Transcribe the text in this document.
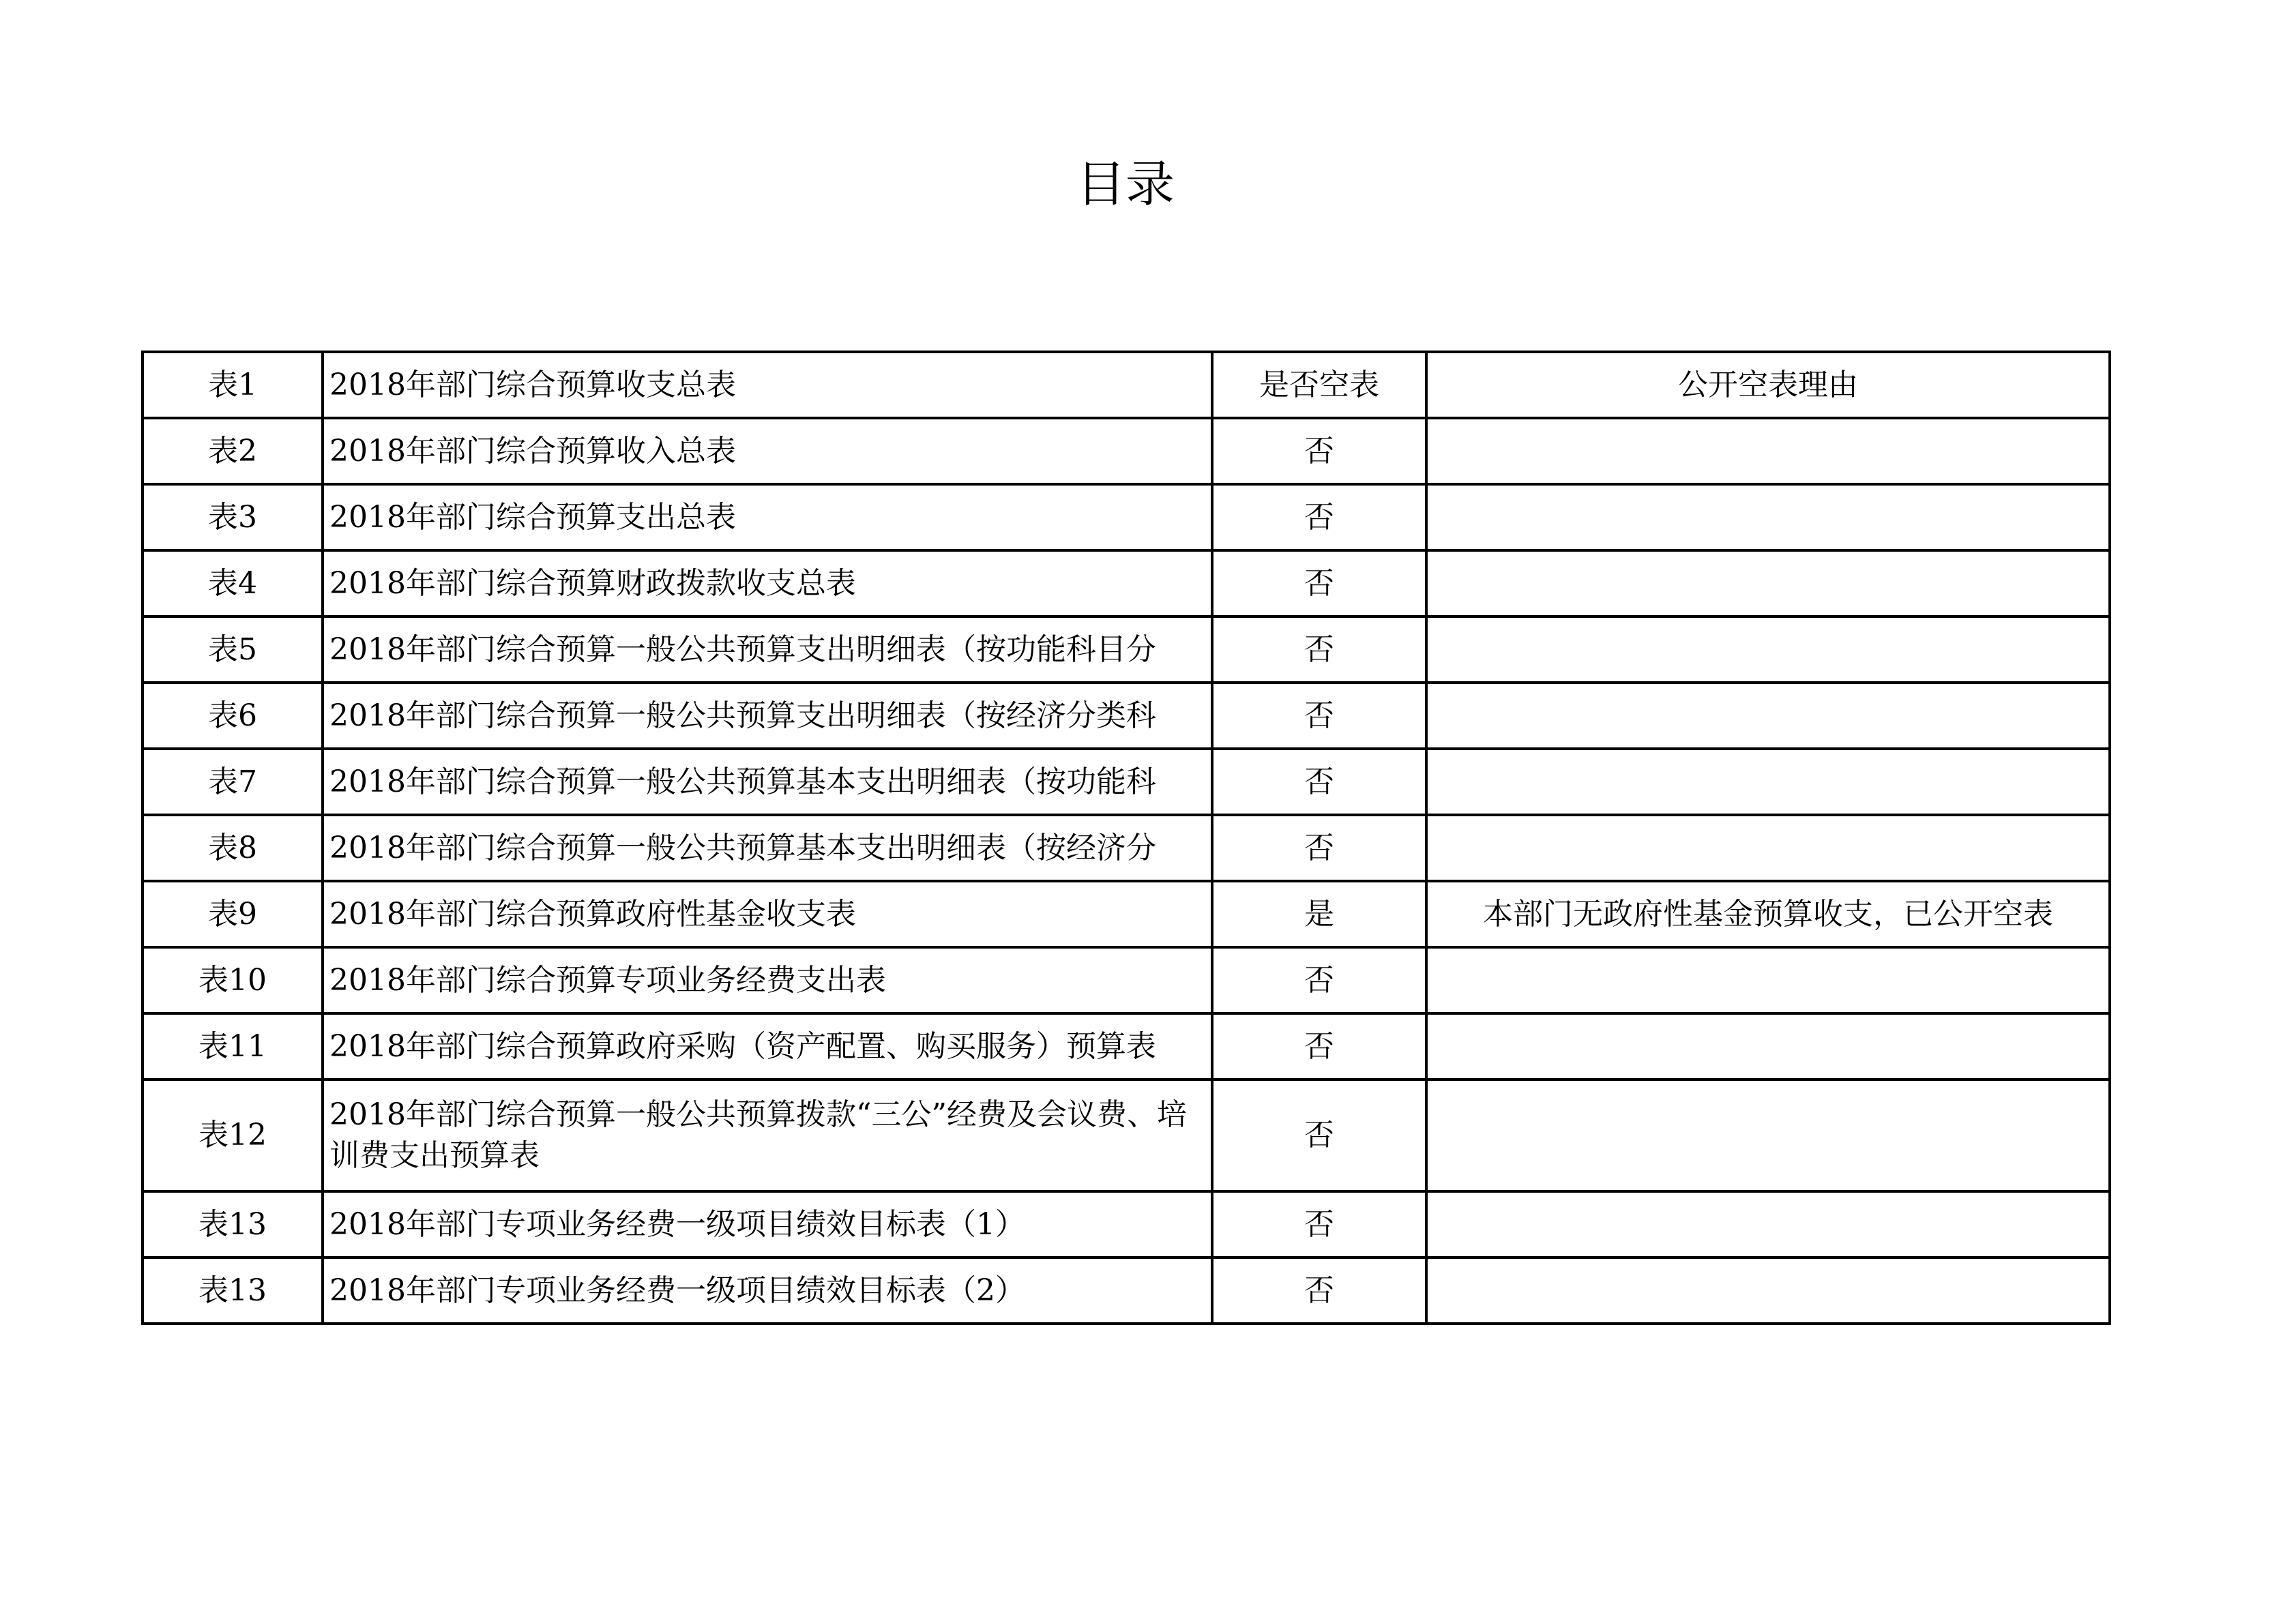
目录
表1	2018年部门综合预算收支总表	是否空表	公开空表理由
表2	2018年部门综合预算收入总表	否	
表3	2018年部门综合预算支出总表	否	
表4	2018年部门综合预算财政拨款收支总表	否	
表5	2018年部门综合预算一般公共预算支出明细表（按功能科目分	否	
表6	2018年部门综合预算一般公共预算支出明细表（按经济分类科	否	
表7	2018年部门综合预算一般公共预算基本支出明细表（按功能科	否	
表8	2018年部门综合预算一般公共预算基本支出明细表（按经济分	否	
表9	2018年部门综合预算政府性基金收支表	是	本部门无政府性基金预算收支，已公开空表
表10	2018年部门综合预算专项业务经费支出表	否	
表11	2018年部门综合预算政府采购（资产配置、购买服务）预算表	否	
表12	2018年部门综合预算一般公共预算拨款“三公”经费及会议费、培训费支出预算表	否	
表13	2018年部门专项业务经费一级项目绩效目标表（1）	否	
表13	2018年部门专项业务经费一级项目绩效目标表（2）	否	
